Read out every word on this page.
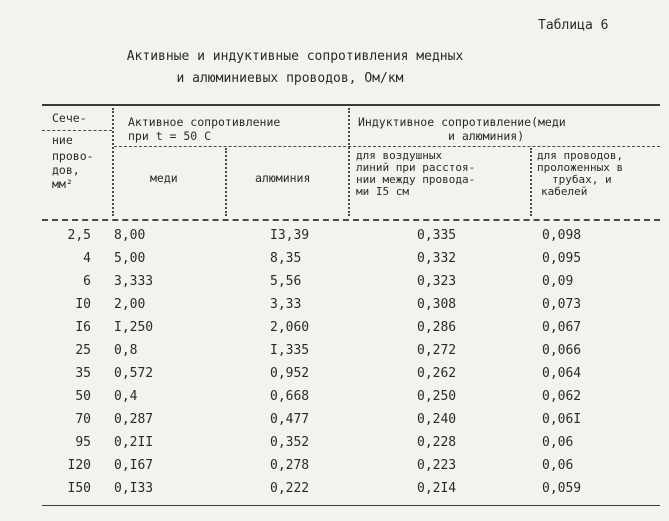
Таблица 6
Активные и индуктивные сопротивления медных
и алюминиевых проводов, Ом/км
Сече-
ние
прово-
дов,
мм²
Активное сопротивление
при t = 50 С
меди	алюминия
Индуктивное сопротивление(меди
и алюминия)
для воздушных
линий при расстоя-
нии между провода-
ми I5 см
для проводов,
проложенных в
трубах, и
кабелей
2,5 8,00	I3,39	0,335	0,098
4 5,00	8,35	0,332	0,095
6 3,333	5,56	0,323	0,09
I0 2,00	3,33	0,308	0,073
I6 I,250	2,060	0,286	0,067
25 0,8	I,335	0,272	0,066
35 0,572	0,952	0,262	0,064
50 0,4	0,668	0,250	0,062
70 0,287	0,477	0,240	0,06I
95 0,2II	0,352	0,228	0,06
I20 0,I67	0,278	0,223	0,06
I50 0,I33	0,222	0,2I4	0,059
